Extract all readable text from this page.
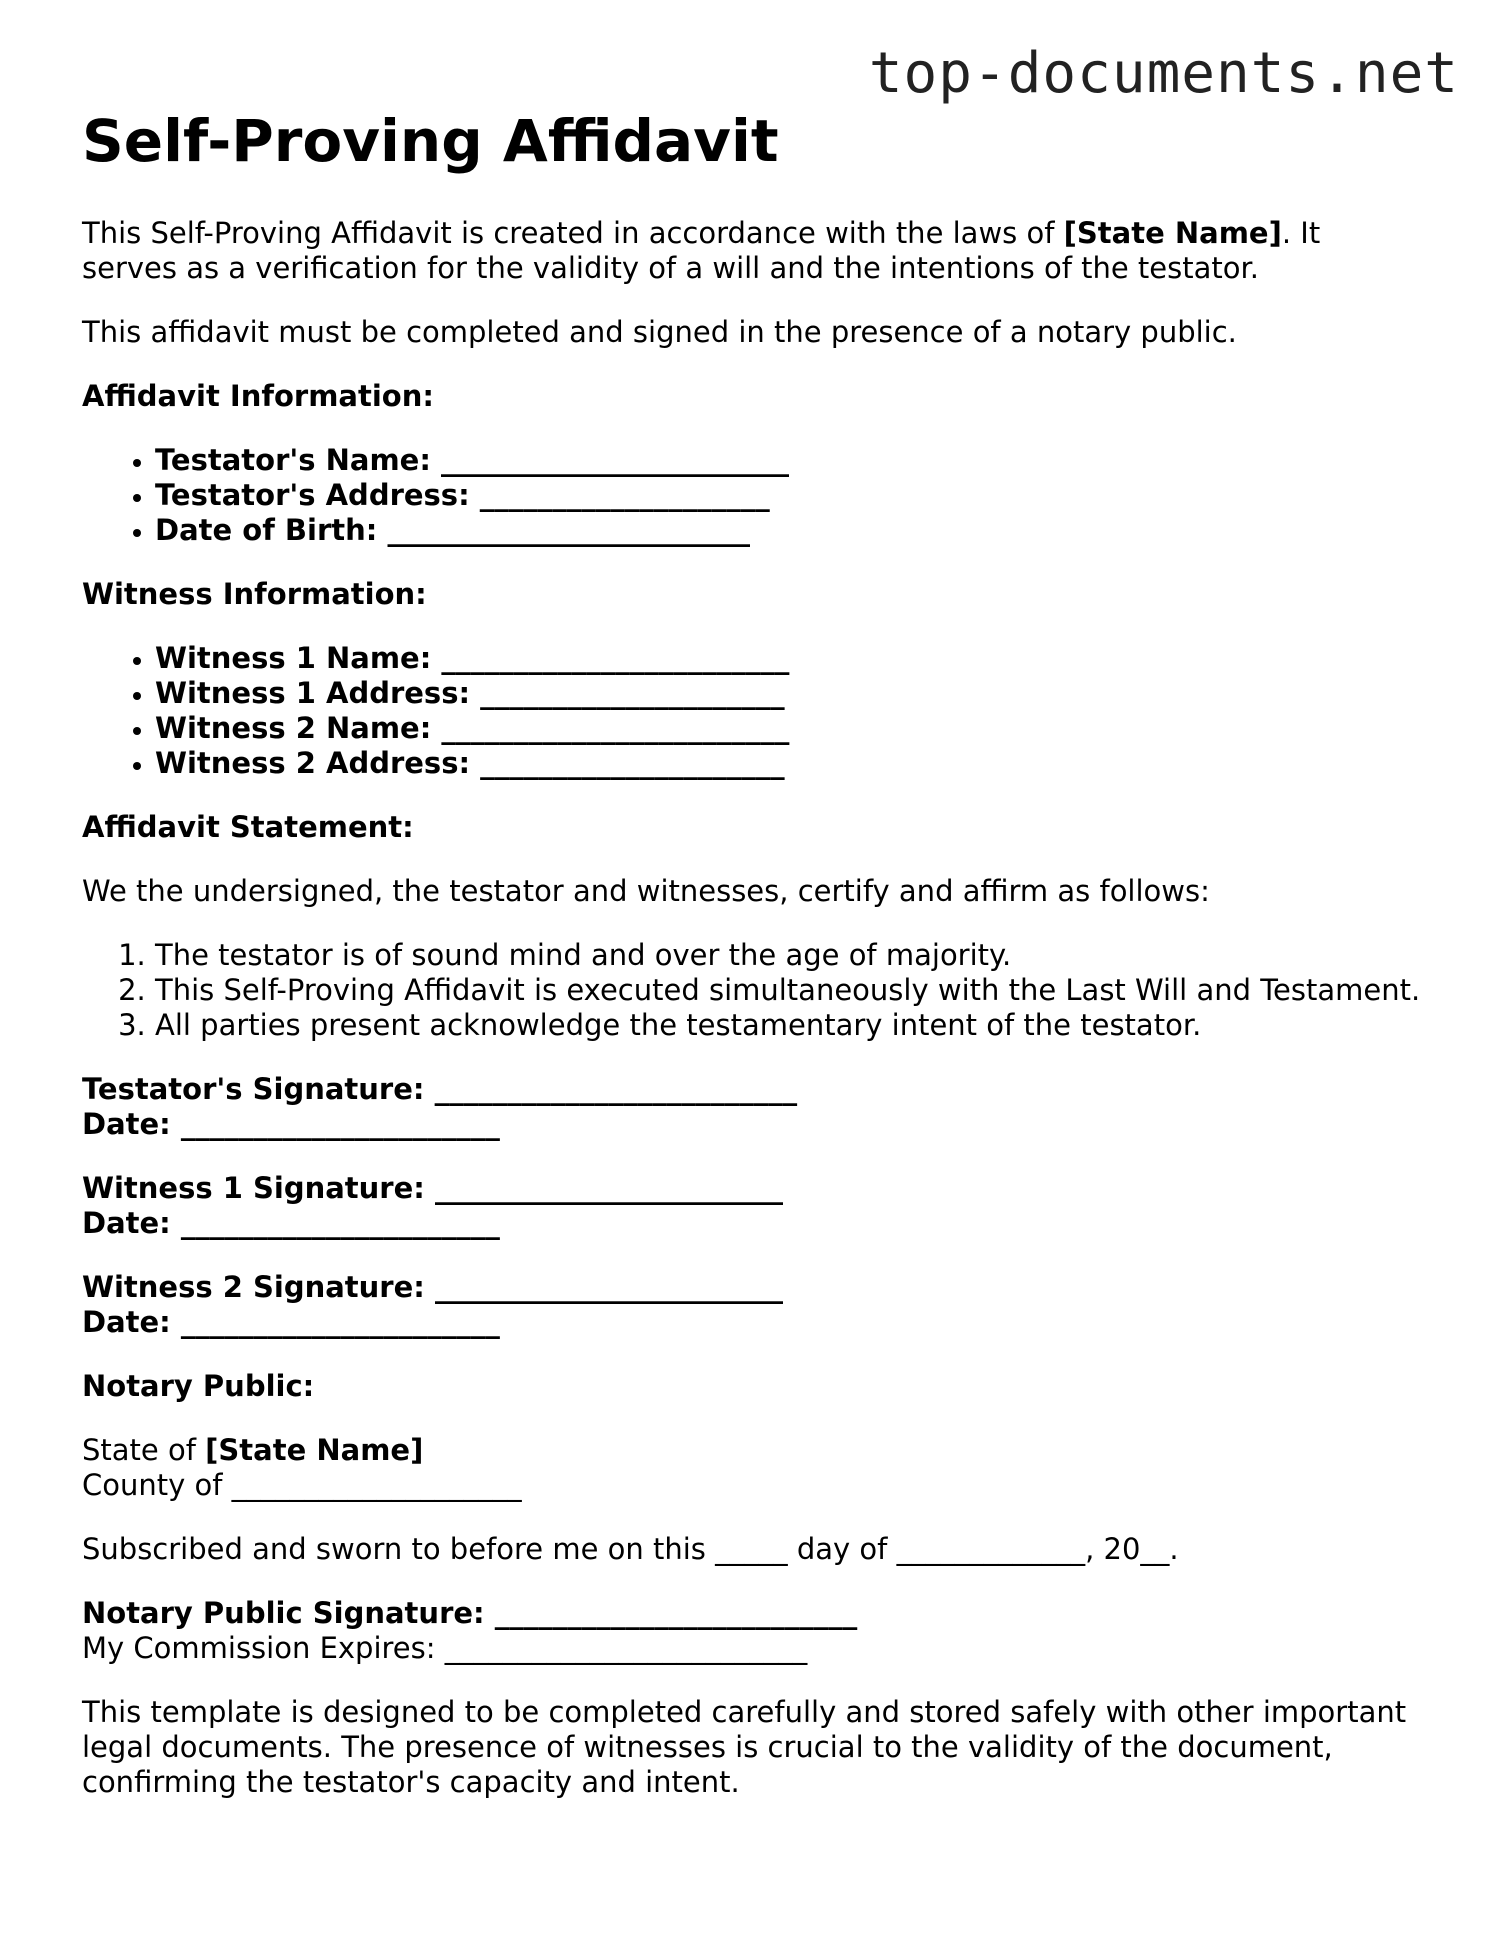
top-documents.net
Self-Proving Affidavit

This Self-Proving Affidavit is created in accordance with the laws of [State Name]. It serves as a verification for the validity of a will and the intentions of the testator.

This affidavit must be completed and signed in the presence of a notary public.

Affidavit Information:

• Testator's Name: ________________________
• Testator's Address: ____________________
• Date of Birth: _________________________

Witness Information:

• Witness 1 Name: ________________________
• Witness 1 Address: _____________________
• Witness 2 Name: ________________________
• Witness 2 Address: _____________________

Affidavit Statement:

We the undersigned, the testator and witnesses, certify and affirm as follows:

1. The testator is of sound mind and over the age of majority.
2. This Self-Proving Affidavit is executed simultaneously with the Last Will and Testament.
3. All parties present acknowledge the testamentary intent of the testator.

Testator's Signature: _________________________
Date: ______________________

Witness 1 Signature: ________________________
Date: ______________________

Witness 2 Signature: ________________________
Date: ______________________

Notary Public:

State of [State Name]
County of ____________________

Subscribed and sworn to before me on this _____ day of _____________, 20__.

Notary Public Signature: _________________________
My Commission Expires: _________________________

This template is designed to be completed carefully and stored safely with other important legal documents. The presence of witnesses is crucial to the validity of the document, confirming the testator's capacity and intent.
